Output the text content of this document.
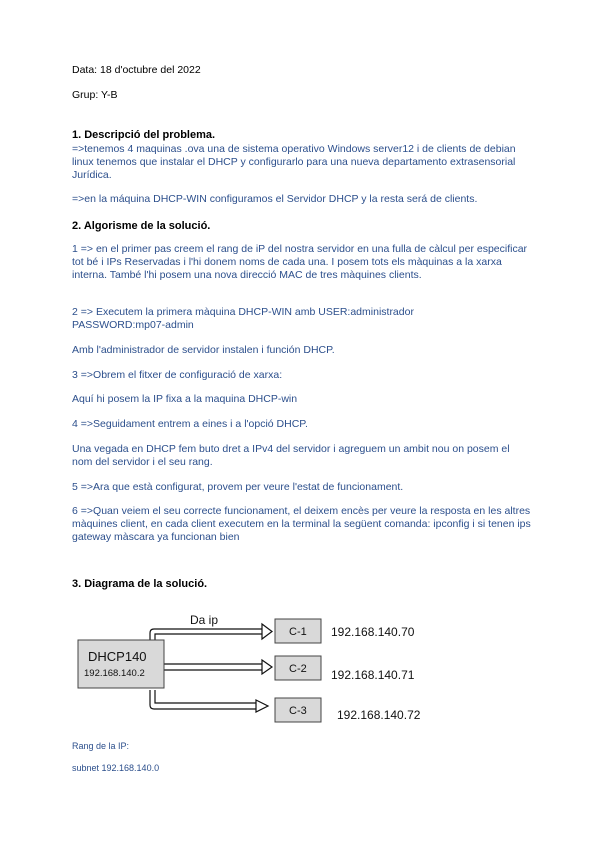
Data: 18 d'octubre del 2022
Grup: Y-B
1. Descripció del problema.
=>tenemos 4 maquinas .ova una de sistema operativo Windows server12 i de clients de debian linux tenemos que instalar el DHCP y configurarlo para una nueva departamento extrasensorial Jurídica.
=>en la máquina DHCP-WIN configuramos el Servidor DHCP y la resta será de clients.
2. Algorisme de la solució.
1 => en el primer pas creem el rang de iP del nostra servidor en una fulla de càlcul per especificar tot bé i IPs Reservadas i l'hi donem noms de cada una. I posem tots els màquinas a la xarxa interna. També l'hi posem una nova direcció MAC de tres màquines clients.
2 => Executem la primera màquina DHCP-WIN amb USER:administrador
PASSWORD:mp07-admin
Amb l'administrador de servidor instalen i función DHCP.
3 =>Obrem el fitxer de configuració de xarxa:
Aquí hi posem la IP fixa a la maquina DHCP-win
4 =>Seguidament entrem a eines i a l'opció DHCP.
Una vegada en DHCP fem buto dret a IPv4 del servidor i agreguem un ambit nou on posem el nom del servidor i el seu rang.
5 =>Ara que està configurat, provem per veure l'estat de funcionament.
6 =>Quan veiem el seu correcte funcionament, el deixem encès per veure la resposta en les altres màquines client, en cada client executem en la terminal la següent comanda: ipconfig i si tenen ips gateway màscara ya funcionan bien
3. Diagrama de la solució.
DHCP140
192.168.140.2
Da ip
C-1 192.168.140.70
C-2 192.168.140.71
C-3	192.168.140.72
Rang de la IP:
subnet 192.168.140.0
